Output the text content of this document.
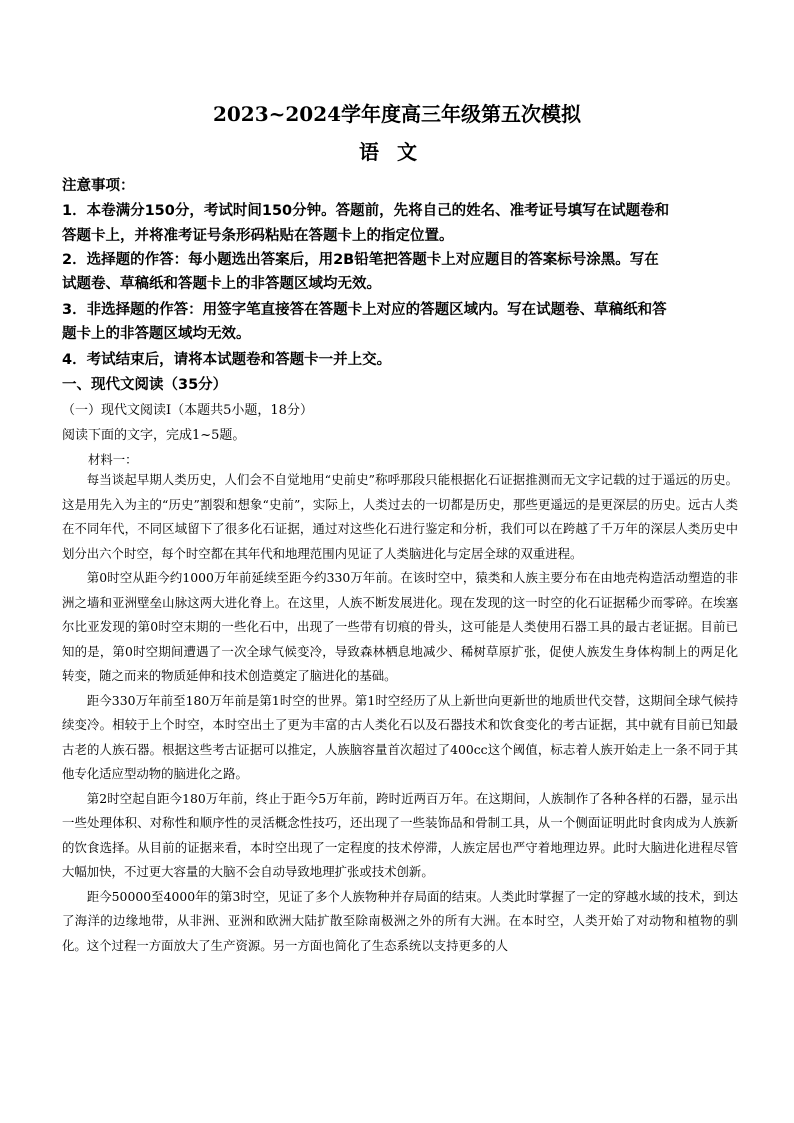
2023~2024学年度高三年级第五次模拟
语文
注意事项：
1．本卷满分150分，考试时间150分钟。答题前，先将自己的姓名、准考证号填写在试题卷和
答题卡上，并将准考证号条形码粘贴在答题卡上的指定位置。
2．选择题的作答：每小题选出答案后，用2B铅笔把答题卡上对应题目的答案标号涂黑。写在
试题卷、草稿纸和答题卡上的非答题区域均无效。
3．非选择题的作答：用签字笔直接答在答题卡上对应的答题区域内。写在试题卷、草稿纸和答
题卡上的非答题区域均无效。
4．考试结束后，请将本试题卷和答题卡一并上交。
一、现代文阅读（35分）
（一）现代文阅读Ⅰ（本题共5小题，18分）
阅读下面的文字，完成1~5题。
材料一：

每当谈起早期人类历史，人们会不自觉地用“史前史”称呼那段只能根据化石证据推测而无文字记载的过于遥远的历史。这是用先入为主的“历史”割裂和想象“史前”，实际上，人类过去的一切都是历史，那些更遥远的是更深层的历史。远古人类在不同年代，不同区域留下了很多化石证据，通过对这些化石进行鉴定和分析，我们可以在跨越了千万年的深层人类历史中划分出六个时空，每个时空都在其年代和地理范围内见证了人类脑进化与定居全球的双重进程。

第0时空从距今约1000万年前延续至距今约330万年前。在该时空中，猿类和人族主要分布在由地壳构造活动塑造的非洲之墙和亚洲壁垒山脉这两大进化脊上。在这里，人族不断发展进化。现在发现的这一时空的化石证据稀少而零碎。在埃塞尔比亚发现的第0时空末期的一些化石中，出现了一些带有切痕的骨头，这可能是人类使用石器工具的最古老证据。目前已知的是，第0时空期间遭遇了一次全球气候变冷，导致森林栖息地减少、稀树草原扩张，促使人族发生身体构制上的两足化转变，随之而来的物质延伸和技术创造奠定了脑进化的基础。

距今330万年前至180万年前是第1时空的世界。第1时空经历了从上新世向更新世的地质世代交替，这期间全球气候持续变冷。相较于上个时空，本时空出土了更为丰富的古人类化石以及石器技术和饮食变化的考古证据，其中就有目前已知最古老的人族石器。根据这些考古证据可以推定，人族脑容量首次超过了400cc这个阈值，标志着人族开始走上一条不同于其他专化适应型动物的脑进化之路。

第2时空起自距今180万年前，终止于距今5万年前，跨时近两百万年。在这期间，人族制作了各种各样的石器，显示出一些处理体积、对称性和顺序性的灵活概念性技巧，还出现了一些装饰品和骨制工具，从一个侧面证明此时食肉成为人族新的饮食选择。从目前的证据来看，本时空出现了一定程度的技术停滞，人族定居也严守着地理边界。此时大脑进化进程尽管大幅加快，不过更大容量的大脑不会自动导致地理扩张或技术创新。

距今50000至4000年的第3时空，见证了多个人族物种并存局面的结束。人类此时掌握了一定的穿越水域的技术，到达了海洋的边缘地带，从非洲、亚洲和欧洲大陆扩散至除南极洲之外的所有大洲。在本时空，人类开始了对动物和植物的驯化。这个过程一方面放大了生产资源。另一方面也简化了生态系统以支持更多的人
